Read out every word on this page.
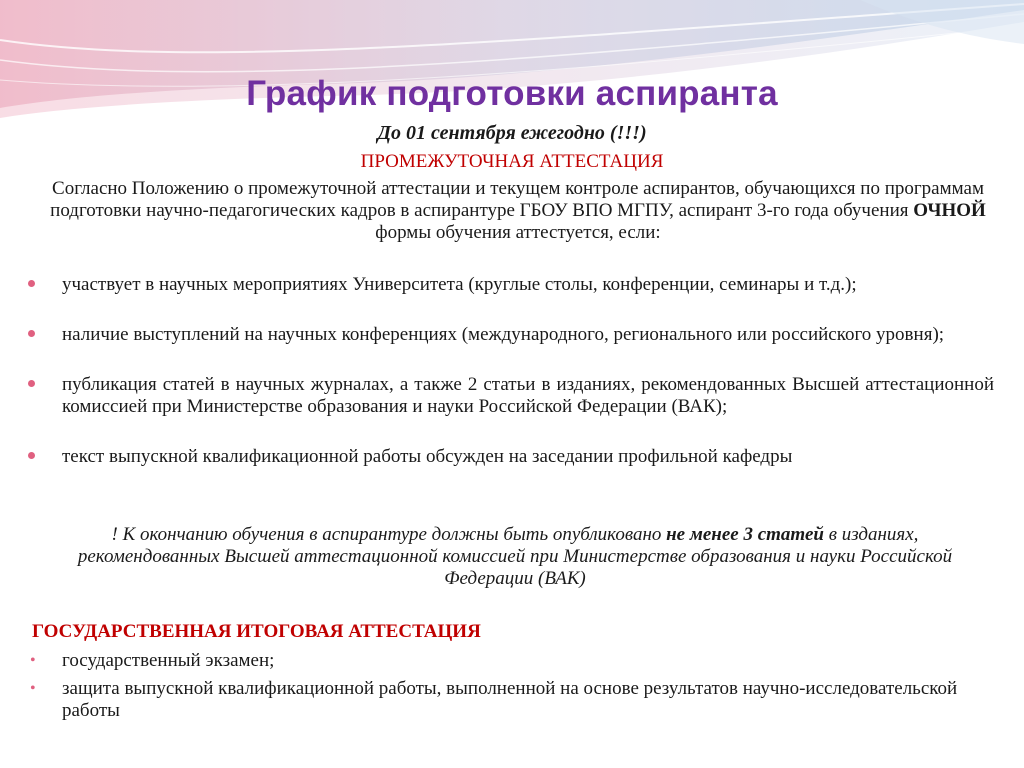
График подготовки аспиранта
До 01 сентября ежегодно (!!!)
ПРОМЕЖУТОЧНАЯ АТТЕСТАЦИЯ
Согласно Положению о промежуточной аттестации и текущем контроле аспирантов, обучающихся по программам подготовки научно-педагогических кадров в аспирантуре ГБОУ ВПО МГПУ, аспирант 3-го года обучения ОЧНОЙ формы обучения аттестуется, если:
участвует в научных мероприятиях Университета (круглые столы, конференции, семинары и т.д.);
наличие выступлений на научных конференциях (международного, регионального или российского уровня);
публикация статей в научных журналах, а также 2 статьи в изданиях, рекомендованных Высшей аттестационной комиссией при Министерстве образования и науки Российской Федерации (ВАК);
текст выпускной квалификационной работы обсужден на заседании профильной кафедры
! К окончанию обучения в аспирантуре должны быть опубликовано не менее 3 статей в изданиях, рекомендованных Высшей аттестационной комиссией при Министерстве образования и науки Российской Федерации (ВАК)
ГОСУДАРСТВЕННАЯ ИТОГОВАЯ АТТЕСТАЦИЯ
• государственный экзамен;
• защита выпускной квалификационной работы, выполненной на основе результатов научно-исследовательской работы
